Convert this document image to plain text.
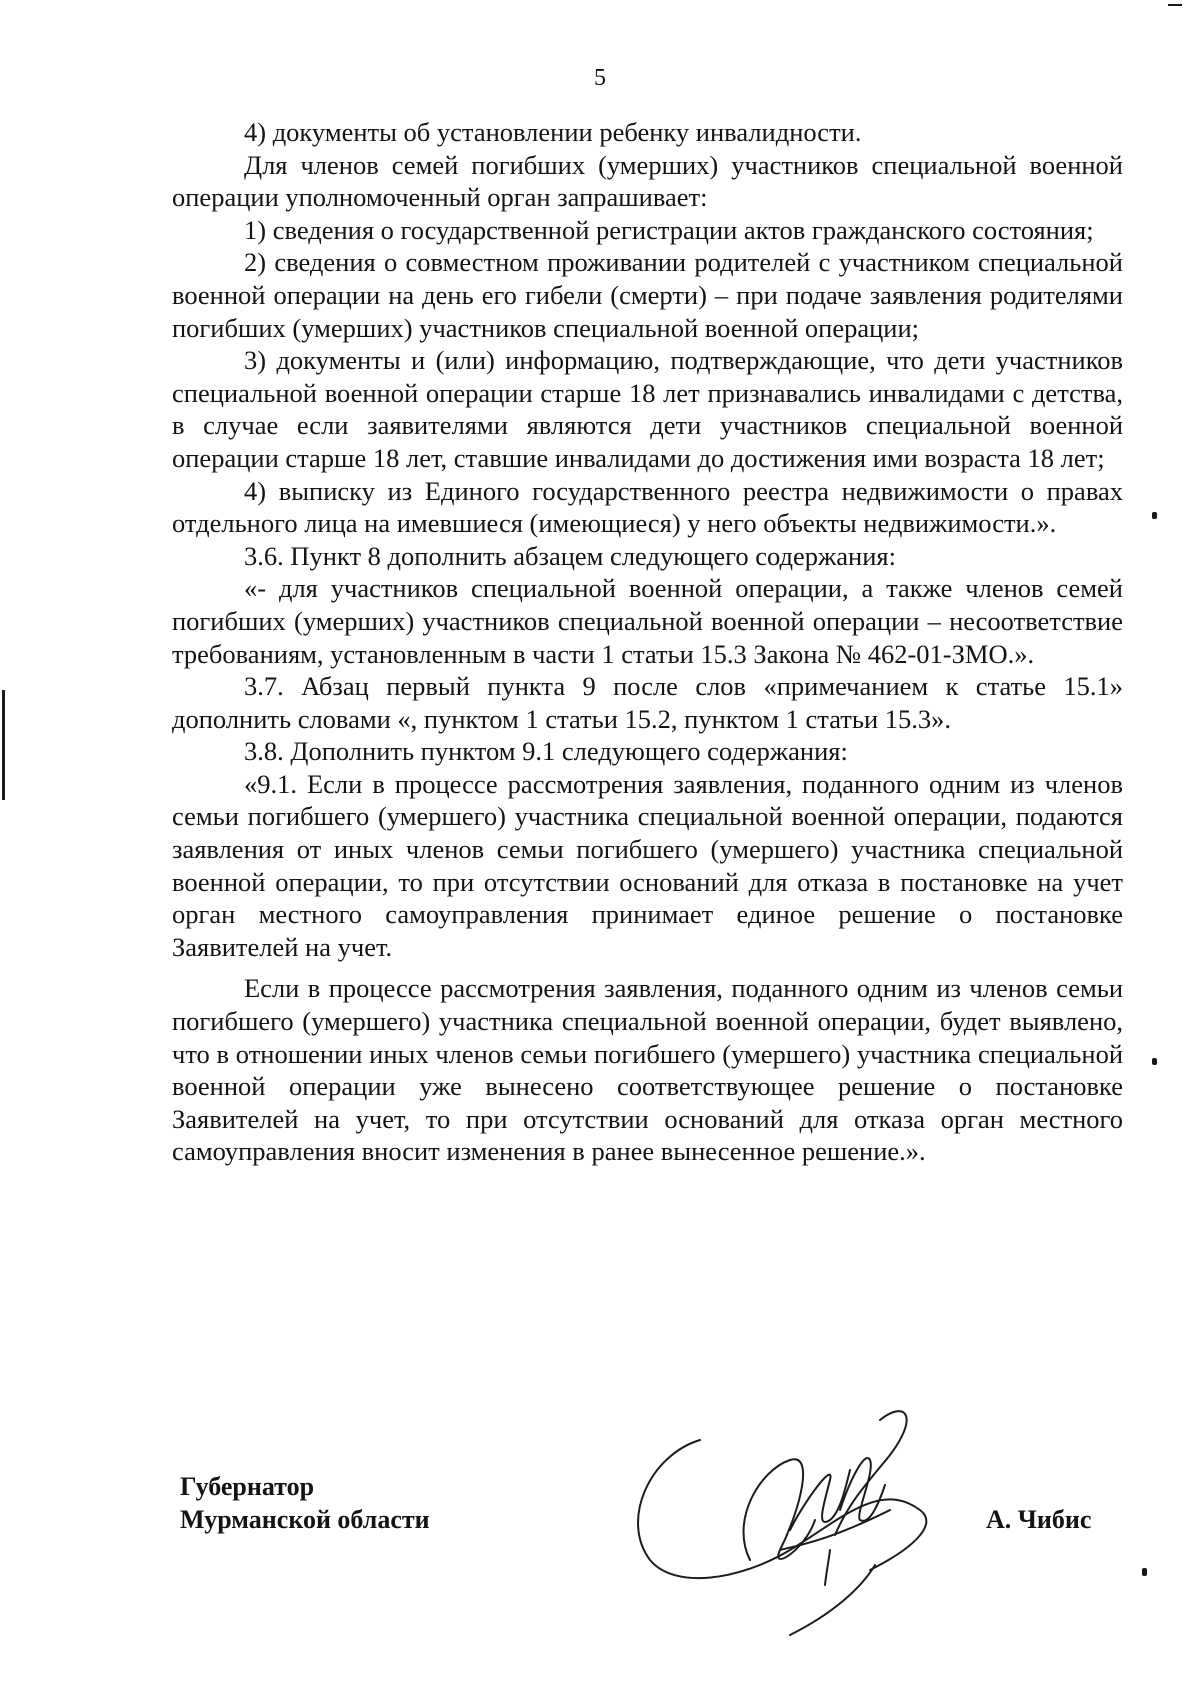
5

4) документы об установлении ребенку инвалидности.

Для членов семей погибших (умерших) участников специальной военной операции уполномоченный орган запрашивает:

1) сведения о государственной регистрации актов гражданского состояния;

2) сведения о совместном проживании родителей с участником специальной военной операции на день его гибели (смерти) – при подаче заявления родителями погибших (умерших) участников специальной военной операции;

3) документы и (или) информацию, подтверждающие, что дети участников специальной военной операции старше 18 лет признавались инвалидами с детства, в случае если заявителями являются дети участников специальной военной операции старше 18 лет, ставшие инвалидами до достижения ими возраста 18 лет;

4) выписку из Единого государственного реестра недвижимости о правах отдельного лица на имевшиеся (имеющиеся) у него объекты недвижимости.».

3.6. Пункт 8 дополнить абзацем следующего содержания:

«- для участников специальной военной операции, а также членов семей погибших (умерших) участников специальной военной операции – несоответствие требованиям, установленным в части 1 статьи 15.3 Закона № 462-01-ЗМО.».

3.7. Абзац первый пункта 9 после слов «примечанием к статье 15.1» дополнить словами «, пунктом 1 статьи 15.2, пунктом 1 статьи 15.3».

3.8. Дополнить пунктом 9.1 следующего содержания:

«9.1. Если в процессе рассмотрения заявления, поданного одним из членов семьи погибшего (умершего) участника специальной военной операции, подаются заявления от иных членов семьи погибшего (умершего) участника специальной военной операции, то при отсутствии оснований для отказа в постановке на учет орган местного самоуправления принимает единое решение о постановке Заявителей на учет.

Если в процессе рассмотрения заявления, поданного одним из членов семьи погибшего (умершего) участника специальной военной операции, будет выявлено, что в отношении иных членов семьи погибшего (умершего) участника специальной военной операции уже вынесено соответствующее решение о постановке Заявителей на учет, то при отсутствии оснований для отказа орган местного самоуправления вносит изменения в ранее вынесенное решение.».

Губернатор
Мурманской области	А. Чибис
